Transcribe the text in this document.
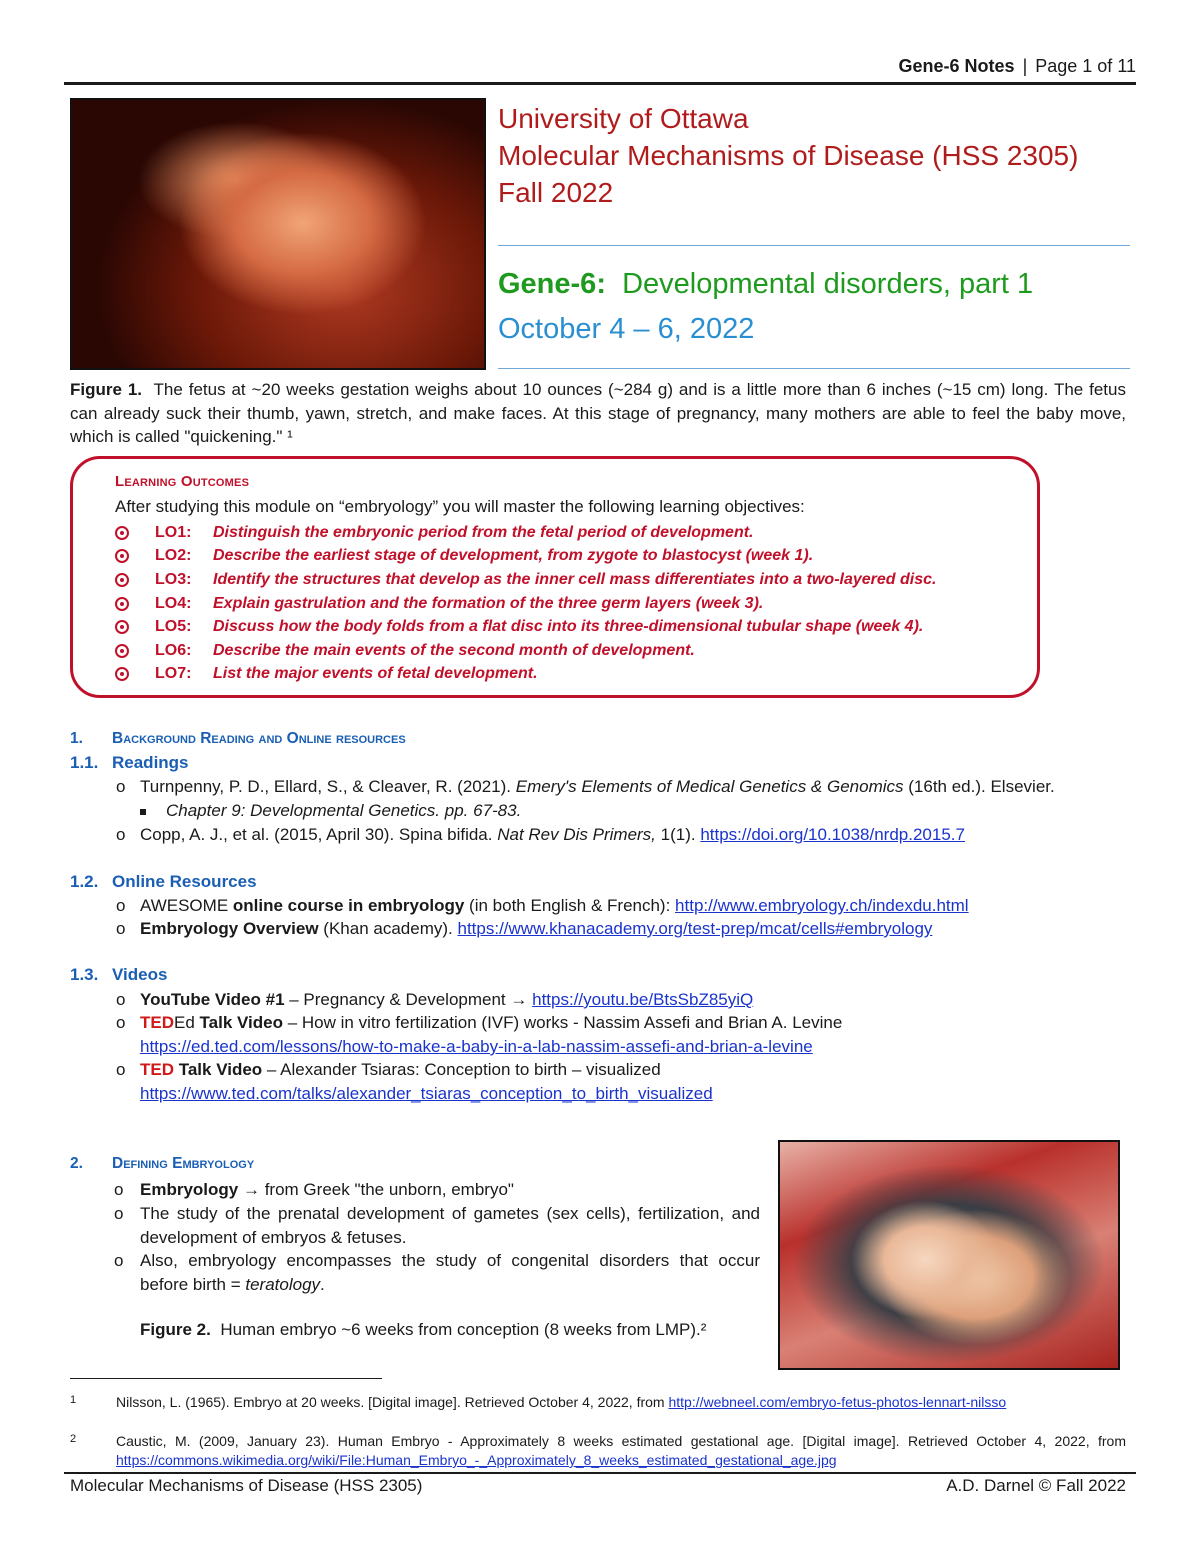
Gene-6 Notes | Page 1 of 11
University of Ottawa
Molecular Mechanisms of Disease (HSS 2305)
Fall 2022
Gene-6: Developmental disorders, part 1
October 4 – 6, 2022
Figure 1. The fetus at ~20 weeks gestation weighs about 10 ounces (~284 g) and is a little more than 6 inches (~15 cm) long. The fetus can already suck their thumb, yawn, stretch, and make faces. At this stage of pregnancy, many mothers are able to feel the baby move, which is called "quickening." ¹
Learning Outcomes
After studying this module on “embryology” you will master the following learning objectives:
LO1:	Distinguish the embryonic period from the fetal period of development.
LO2:	Describe the earliest stage of development, from zygote to blastocyst (week 1).
LO3:	Identify the structures that develop as the inner cell mass differentiates into a two-layered disc.
LO4:	Explain gastrulation and the formation of the three germ layers (week 3).
LO5:	Discuss how the body folds from a flat disc into its three-dimensional tubular shape (week 4).
LO6:	Describe the main events of the second month of development.
LO7:	List the major events of fetal development.
1. Background Reading and Online resources
1.1. Readings
o Turnpenny, P. D., Ellard, S., & Cleaver, R. (2021). Emery's Elements of Medical Genetics & Genomics (16th ed.). Elsevier.
Chapter 9: Developmental Genetics. pp. 67-83.
o Copp, A. J., et al. (2015, April 30). Spina bifida. Nat Rev Dis Primers, 1(1). https://doi.org/10.1038/nrdp.2015.7
1.2. Online Resources
o AWESOME online course in embryology (in both English & French): http://www.embryology.ch/indexdu.html
o Embryology Overview (Khan academy). https://www.khanacademy.org/test-prep/mcat/cells#embryology
1.3. Videos
o YouTube Video #1 – Pregnancy & Development → https://youtu.be/BtsSbZ85yiQ
o TEDEd Talk Video – How in vitro fertilization (IVF) works - Nassim Assefi and Brian A. Levine
https://ed.ted.com/lessons/how-to-make-a-baby-in-a-lab-nassim-assefi-and-brian-a-levine
o TED Talk Video – Alexander Tsiaras: Conception to birth – visualized
https://www.ted.com/talks/alexander_tsiaras_conception_to_birth_visualized
2. Defining Embryology
o Embryology → from Greek "the unborn, embryo"
o The study of the prenatal development of gametes (sex cells), fertilization, and development of embryos & fetuses.
o Also, embryology encompasses the study of congenital disorders that occur before birth = teratology.
Figure 2. Human embryo ~6 weeks from conception (8 weeks from LMP).²
1	Nilsson, L. (1965). Embryo at 20 weeks. [Digital image]. Retrieved October 4, 2022, from http://webneel.com/embryo-fetus-photos-lennart-nilsso
2	Caustic, M. (2009, January 23). Human Embryo - Approximately 8 weeks estimated gestational age. [Digital image]. Retrieved October 4, 2022, from https://commons.wikimedia.org/wiki/File:Human_Embryo_-_Approximately_8_weeks_estimated_gestational_age.jpg
Molecular Mechanisms of Disease (HSS 2305)	A.D. Darnel © Fall 2022
